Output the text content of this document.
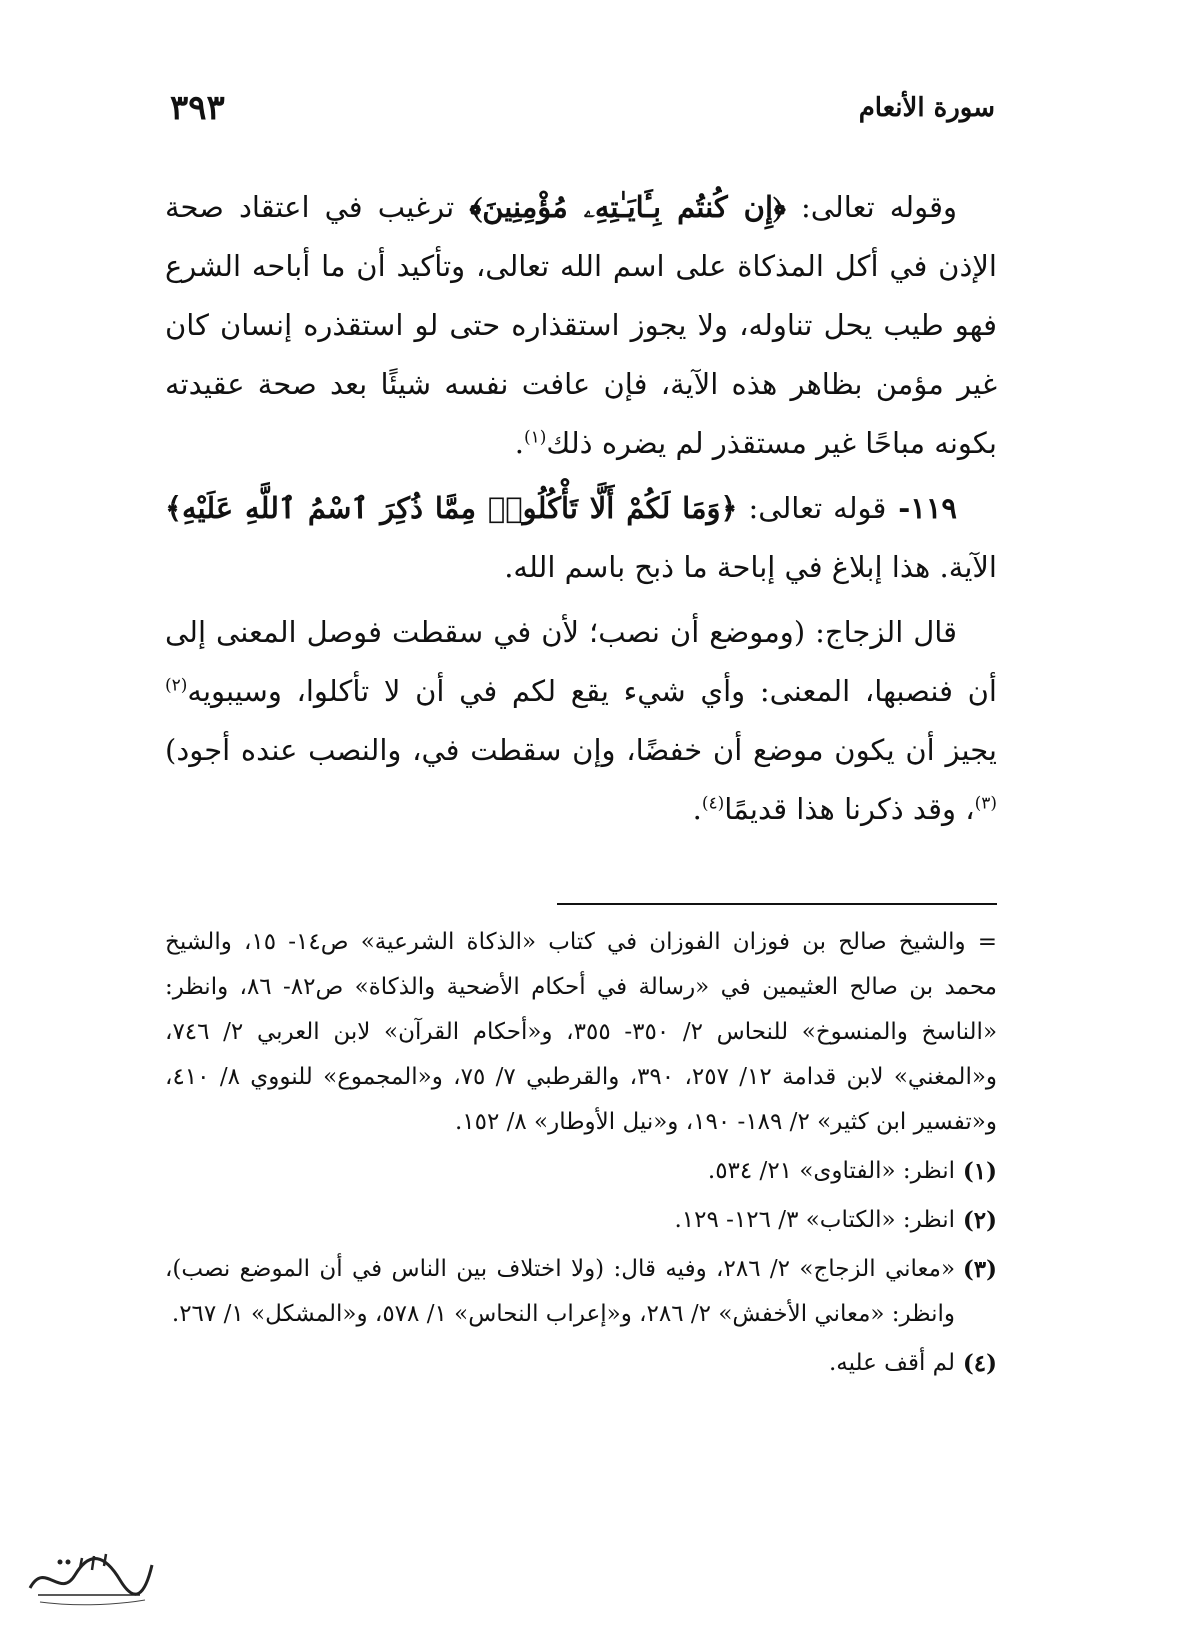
سورة الأنعام
٣٩٣

وقوله تعالى: ﴿إِن كُنتُم بِـَٔايَـٰتِهِۦ مُؤْمِنِينَ﴾ ترغيب في اعتقاد صحة الإذن في أكل المذكاة على اسم الله تعالى، وتأكيد أن ما أباحه الشرع فهو طيب يحل تناوله، ولا يجوز استقذاره حتى لو استقذره إنسان كان غير مؤمن بظاهر هذه الآية، فإن عافت نفسه شيئًا بعد صحة عقيدته بكونه مباحًا غير مستقذر لم يضره ذلك$^{(١)}$.

١١٩- قوله تعالى: ﴿وَمَا لَكُمْ أَلَّا تَأْكُلُوا۟ مِمَّا ذُكِرَ ٱسْمُ ٱللَّهِ عَلَيْهِ﴾ الآية. هذا إبلاغ في إباحة ما ذبح باسم الله.

قال الزجاج: (وموضع أن نصب؛ لأن في سقطت فوصل المعنى إلى أن فنصبها، المعنى: وأي شيء يقع لكم في أن لا تأكلوا، وسيبويه$^{(٢)}$ يجيز أن يكون موضع أن خفضًا، وإن سقطت في، والنصب عنده أجود)$^{(٣)}$، وقد ذكرنا هذا قديمًا$^{(٤)}$.

= والشيخ صالح بن فوزان الفوزان في كتاب «الذكاة الشرعية» ص١٤- ١٥، والشيخ محمد بن صالح العثيمين في «رسالة في أحكام الأضحية والذكاة» ص٨٢- ٨٦، وانظر: «الناسخ والمنسوخ» للنحاس ٢/ ٣٥٠- ٣٥٥، و«أحكام القرآن» لابن العربي ٢/ ٧٤٦، و«المغني» لابن قدامة ١٢/ ٢٥٧، ٣٩٠، والقرطبي ٧/ ٧٥، و«المجموع» للنووي ٨/ ٤١٠، و«تفسير ابن كثير» ٢/ ١٨٩- ١٩٠، و«نيل الأوطار» ٨/ ١٥٢.

(١)
انظر: «الفتاوى» ٢١/ ٥٣٤.
(٢)
انظر: «الكتاب» ٣/ ١٢٦- ١٢٩.
(٣)
«معاني الزجاج» ٢/ ٢٨٦، وفيه قال: (ولا اختلاف بين الناس في أن الموضع نصب)، وانظر: «معاني الأخفش» ٢/ ٢٨٦، و«إعراب النحاس» ١/ ٥٧٨، و«المشكل» ١/ ٢٦٧.
(٤)
لم أقف عليه.
